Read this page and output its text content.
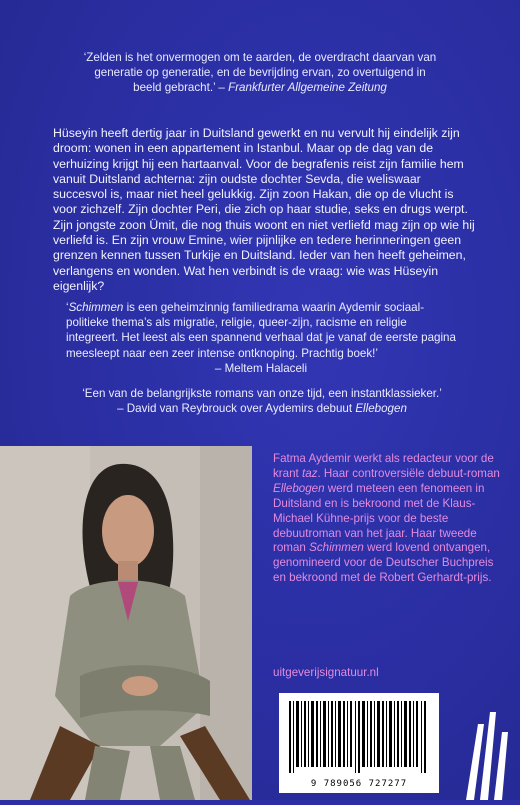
‘Zelden is het onvermogen om te aarden, de overdracht daarvan van generatie op generatie, en de bevrijding ervan, zo overtuigend in beeld gebracht.’ – Frankfurter Allgemeine Zeitung

Hüseyin heeft dertig jaar in Duitsland gewerkt en nu vervult hij eindelijk zijn droom: wonen in een appartement in Istanbul. Maar op de dag van de verhuizing krijgt hij een hartaanval. Voor de begrafenis reist zijn familie hem vanuit Duitsland achterna: zijn oudste dochter Sevda, die weliswaar succesvol is, maar niet heel gelukkig. Zijn zoon Hakan, die op de vlucht is voor zichzelf. Zijn dochter Peri, die zich op haar studie, seks en drugs werpt. Zijn jongste zoon Ümit, die nog thuis woont en niet verliefd mag zijn op wie hij verliefd is. En zijn vrouw Emine, wier pijnlijke en tedere herinneringen geen grenzen kennen tussen Turkije en Duitsland. Ieder van hen heeft geheimen, verlangens en wonden. Wat hen verbindt is de vraag: wie was Hüseyin eigenlijk?

‘Schimmen is een geheimzinnig familiedrama waarin Aydemir sociaal-politieke thema’s als migratie, religie, queer-zijn, racisme en religie integreert. Het leest als een spannend verhaal dat je vanaf de eerste pagina meesleept naar een zeer intense ontknoping. Prachtig boek!’
– Meltem Halaceli

‘Een van de belangrijkste romans van onze tijd, een instantklassieker.’
– David van Reybrouck over Aydemirs debuut Ellebogen

Fatma Aydemir werkt als redacteur voor de krant taz. Haar controversiële debuut-roman Ellebogen werd meteen een fenomeen in Duitsland en is bekroond met de Klaus-Michael Kühne-prijs voor de beste debuutroman van het jaar. Haar tweede roman Schimmen werd lovend ontvangen, genomineerd voor de Deutscher Buchpreis en bekroond met de Robert Gerhardt-prijs.

uitgeverijsignatuur.nl
9 789056 727277
